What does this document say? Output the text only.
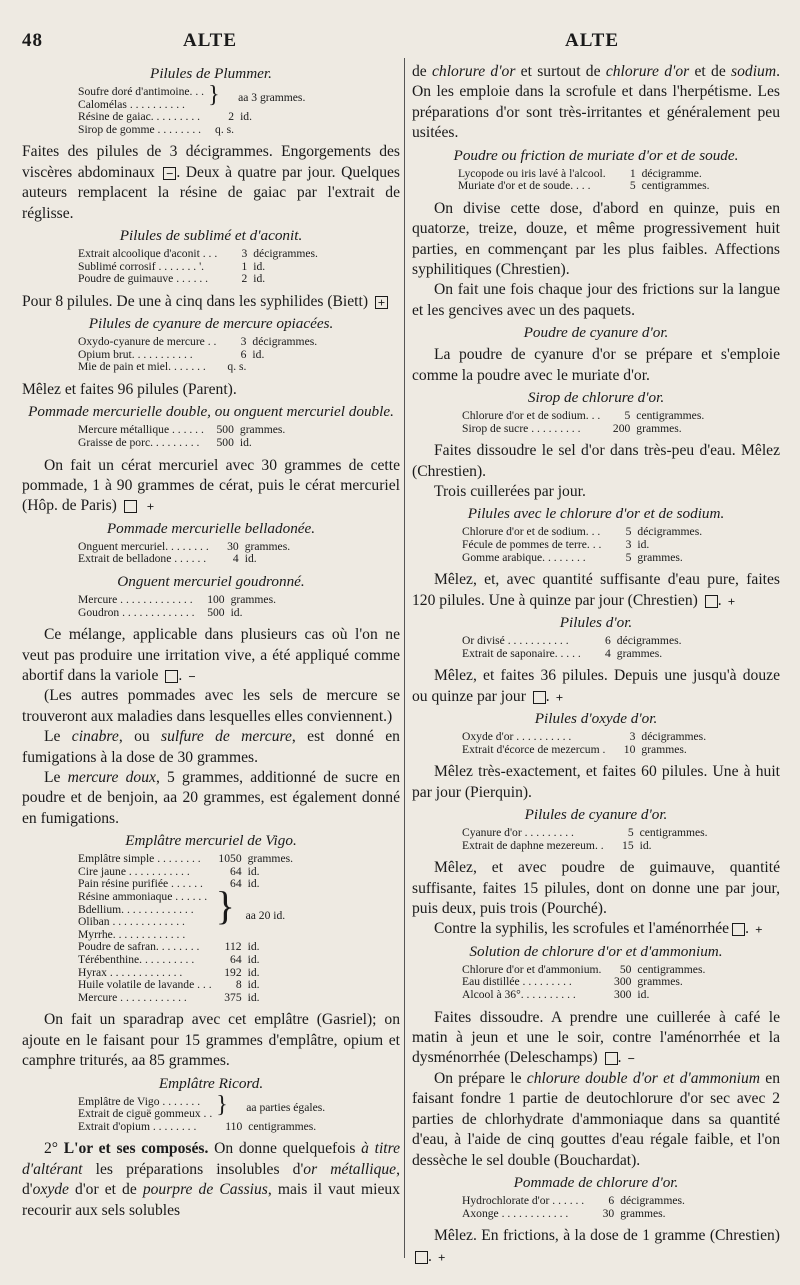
48	ALTE	ALTE
Pilules de Plummer.
Soufre doré d'antimoine. . .	}	aa 3 grammes.
Calomélas . . . . . . . . . .		
Résine de gaiac. . . . . . . . .	2	id.
Sirop de gomme . . . . . . . .	q. s.	

Faites des pilules de 3 décigrammes. Engorgements des viscères abdominaux − . Deux à quatre par jour. Quelques auteurs remplacent la résine de gaiac par l'extrait de réglisse.

Pilules de sublimé et d'aconit.
Extrait alcoolique d'aconit . . .	3	décigrammes.
Sublimé corrosif . . . . . . . '.	1	id.
Poudre de guimauve . . . . . .	2	id.

Pour 8 pilules. De une à cinq dans les syphilides (Biett) +

Pilules de cyanure de mercure opiacées.
Oxydo-cyanure de mercure . .	3	décigrammes.
Opium brut. . . . . . . . . . .	6	id.
Mie de pain et miel. . . . . . .	q. s.	

Mêlez et faites 96 pilules (Parent).

Pommade mercurielle double, ou onguent mercuriel double.
Mercure métallique . . . . . .	500	grammes.
Graisse de porc. . . . . . . . .	500	id.

On fait un cérat mercuriel avec 30 grammes de cette pommade, 1 à 90 grammes de cérat, puis le cérat mercuriel (Hôp. de Paris) +

Pommade mercurielle belladonée.
Onguent mercuriel. . . . . . . .	30	grammes.
Extrait de belladone . . . . . .	4	id.
Onguent mercuriel goudronné.
Mercure . . . . . . . . . . . . .	100	grammes.
Goudron . . . . . . . . . . . . .	500	id.

Ce mélange, applicable dans plusieurs cas où l'on ne veut pas produire une irritation vive, a été appliqué comme abortif dans la variole −.

(Les autres pommades avec les sels de mercure se trouveront aux maladies dans lesquelles elles conviennent.)

Le cinabre, ou sulfure de mercure, est donné en fumigations à la dose de 30 grammes.

Le mercure doux, 5 grammes, additionné de sucre en poudre et de benjoin, aa 20 grammes, est également donné en fumigations.

Emplâtre mercuriel de Vigo.
Emplâtre simple . . . . . . . .	1050	grammes.
Cire jaune . . . . . . . . . . .	64	id.
Pain résine purifiée . . . . . .	64	id.
Résine ammoniaque . . . . . .	}	aa 20 id.
Bdellium. . . . . . . . . . . . .		
Oliban . . . . . . . . . . . . .		
Myrrhe. . . . . . . . . . . . .		
Poudre de safran. . . . . . . .	112	id.
Térébenthine. . . . . . . . . .	64	id.
Hyrax . . . . . . . . . . . . .	192	id.
Huile volatile de lavande . . .	8	id.
Mercure . . . . . . . . . . . .	375	id.

On fait un sparadrap avec cet emplâtre (Gasriel); on ajoute en le faisant pour 15 grammes d'emplâtre, opium et camphre triturés, aa 85 grammes.

Emplâtre Ricord.
Emplâtre de Vigo . . . . . . .	}	aa parties égales.
Extrait de ciguë gommeux . .		
Extrait d'opium . . . . . . . .	110	centigrammes.

2° L'or et ses composés. On donne quelquefois à titre d'altérant les préparations insolubles d'or métallique, d'oxyde d'or et de pourpre de Cassius, mais il vaut mieux recourir aux sels solubles

de chlorure d'or et surtout de chlorure d'or et de sodium. On les emploie dans la scrofule et dans l'herpétisme. Les préparations d'or sont très-irritantes et généralement peu usitées.

Poudre ou friction de muriate d'or et de soude.
Lycopode ou iris lavé à l'alcool.	1	décigramme.
Muriate d'or et de soude. . . .	5	centigrammes.

On divise cette dose, d'abord en quinze, puis en quatorze, treize, douze, et même progressivement huit parties, en commençant par les plus faibles. Affections syphilitiques (Chrestien).

On fait une fois chaque jour des frictions sur la langue et les gencives avec un des paquets.

Poudre de cyanure d'or.

La poudre de cyanure d'or se prépare et s'emploie comme la poudre avec le muriate d'or.

Sirop de chlorure d'or.
Chlorure d'or et de sodium. . .	5	centigrammes.
Sirop de sucre . . . . . . . . .	200	grammes.

Faites dissoudre le sel d'or dans très-peu d'eau. Mêlez (Chrestien).

Trois cuillerées par jour.

Pilules avec le chlorure d'or et de sodium.
Chlorure d'or et de sodium. . .	5	décigrammes.
Fécule de pommes de terre. . .	3	id.
Gomme arabique. . . . . . . .	5	grammes.

Mêlez, et, avec quantité suffisante d'eau pure, faites 120 pilules. Une à quinze par jour (Chrestien) +.

Pilules d'or.
Or divisé . . . . . . . . . . .	6	décigrammes.
Extrait de saponaire. . . . .	4	grammes.

Mêlez, et faites 36 pilules. Depuis une jusqu'à douze ou quinze par jour +.

Pilules d'oxyde d'or.
Oxyde d'or . . . . . . . . . .	3	décigrammes.
Extrait d'écorce de mezercum .	10	grammes.

Mêlez très-exactement, et faites 60 pilules. Une à huit par jour (Pierquin).

Pilules de cyanure d'or.
Cyanure d'or . . . . . . . . .	5	centigrammes.
Extrait de daphne mezereum. .	15	id.

Mêlez, et avec poudre de guimauve, quantité suffisante, faites 15 pilules, dont on donne une par jour, puis deux, puis trois (Pourché).

Contre la syphilis, les scrofules et l'aménorrhée +.

Solution de chlorure d'or et d'ammonium.
Chlorure d'or et d'ammonium.	50	centigrammes.
Eau distillée . . . . . . . . .	300	grammes.
Alcool à 36°. . . . . . . . . .	300	id.

Faites dissoudre. A prendre une cuillerée à café le matin à jeun et une le soir, contre l'aménorrhée et la dysménorrhée (Deleschamps) −.

On prépare le chlorure double d'or et d'ammonium en faisant fondre 1 partie de deutochlorure d'or sec avec 2 parties de chlorhydrate d'ammoniaque dans sa quantité d'eau, à l'aide de cinq gouttes d'eau régale faible, et l'on dessèche le sel double (Bouchardat).

Pommade de chlorure d'or.
Hydrochlorate d'or . . . . . .	6	décigrammes.
Axonge . . . . . . . . . . . .	30	grammes.

Mêlez. En frictions, à la dose de 1 gramme (Chrestien) +.
